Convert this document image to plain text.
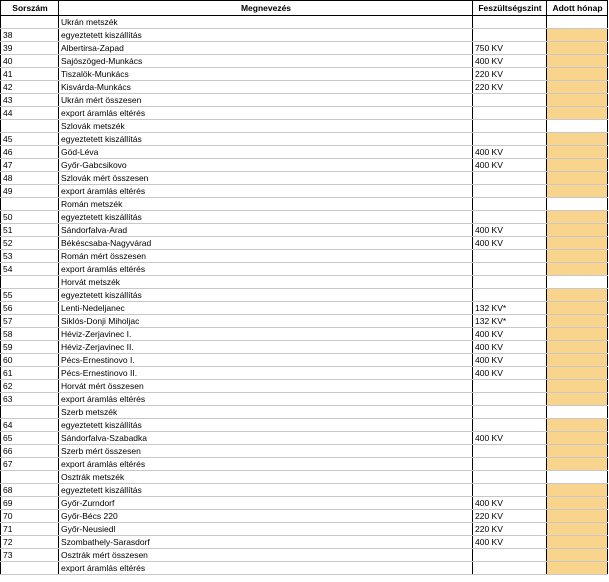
Sorszám	Megnevezés	Feszültségszint	Adott hónap
	Ukrán metszék		
38	egyeztetett kiszállítás		
39	Albertirsa-Zapad	750 KV	
40	Sajószöged-Munkács	400 KV	
41	Tiszalök-Munkács	220 KV	
42	Kisvárda-Munkács	220 KV	
43	Ukrán mért összesen		
44	export áramlás eltérés		
	Szlovák metszék		
45	egyeztetett kiszállítás		
46	Göd-Léva	400 KV	
47	Győr-Gabcsikovo	400 KV	
48	Szlovák mért összesen		
49	export áramlás eltérés		
	Román metszék		
50	egyeztetett kiszállítás		
51	Sándorfalva-Arad	400 KV	
52	Békéscsaba-Nagyvárad	400 KV	
53	Román mért összesen		
54	export áramlás eltérés		
	Horvát metszék		
55	egyeztetett kiszállítás		
56	Lenti-Nedeljanec	132 KV*	
57	Siklós-Donji Miholjac	132 KV*	
58	Héviz-Zerjavinec I.	400 KV	
59	Héviz-Zerjavinec II.	400 KV	
60	Pécs-Ernestinovo I.	400 KV	
61	Pécs-Ernestinovo II.	400 KV	
62	Horvát mért összesen		
63	export áramlás eltérés		
	Szerb metszék		
64	egyeztetett kiszállítás		
65	Sándorfalva-Szabadka	400 KV	
66	Szerb mért összesen		
67	export áramlás eltérés		
	Osztrák metszék		
68	egyeztetett kiszállítás		
69	Győr-Zurndorf	400 KV	
70	Győr-Bécs 220	220 KV	
71	Győr-Neusiedl	220 KV	
72	Szombathely-Sarasdorf	400 KV	
73	Osztrák mért összesen		
	export áramlás eltérés		
